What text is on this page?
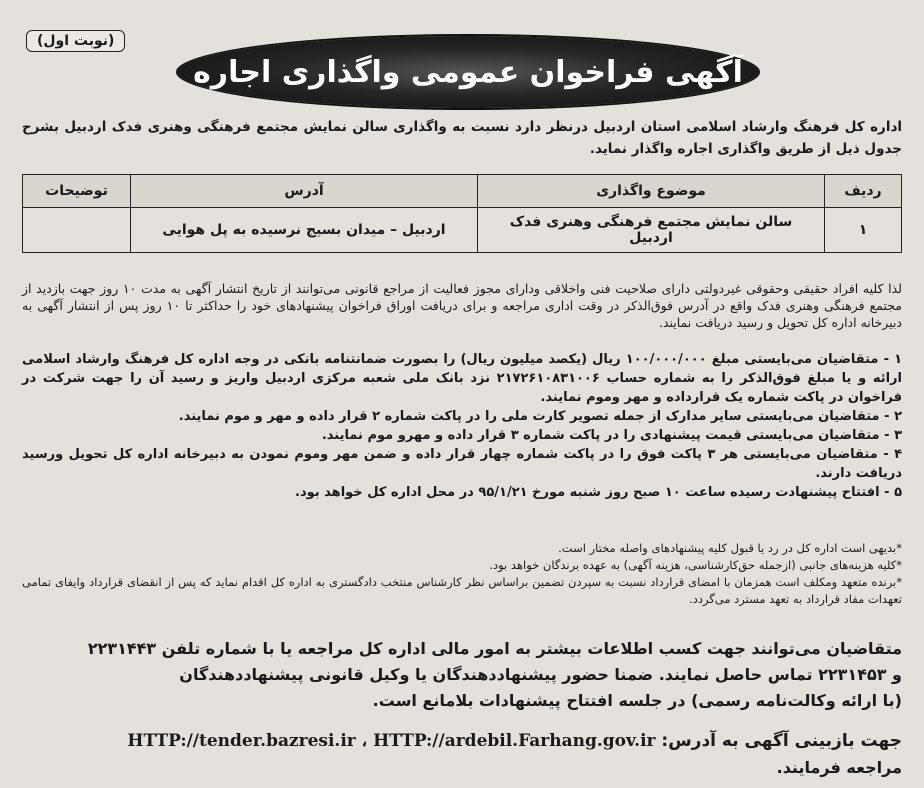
(نوبت اول)
آگهی فراخوان عمومی واگذاری اجاره
اداره کل فرهنگ وارشاد اسلامی استان اردبیل درنظر دارد نسبت به واگذاری سالن نمایش مجتمع فرهنگی وهنری فدک اردبیل بشرح جدول ذیل از طریق واگذاری اجاره واگذار نماید.
ردیف	موضوع واگذاری	آدرس	توضیحات
۱	سالن نمایش مجتمع فرهنگی وهنری فدک اردبیل	اردبیل – میدان بسیج نرسیده به پل هوایی	
لذا کلیه افراد حقیقی وحقوقی غیردولتی دارای صلاحیت فنی واخلاقی ودارای مجوز فعالیت از مراجع قانونی می‌توانند از تاریخ انتشار آگهی به مدت ۱۰ روز جهت بازدید از مجتمع فرهنگی وهنری فدک واقع در آدرس فوق‌الذکر در وقت اداری مراجعه و برای دریافت اوراق فراخوان پیشنهادهای خود را حداکثر تا ۱۰ روز پس از انتشار آگهی به دبیرخانه اداره کل تحویل و رسید دریافت نمایند.

۱ - متقاضیان می‌بایستی مبلغ ۱۰۰/۰۰۰/۰۰۰ ریال (یکصد میلیون ریال) را بصورت ضمانتنامه بانکی در وجه اداره کل فرهنگ وارشاد اسلامی ارائه و یا مبلغ فوق‌الذکر را به شماره حساب ۲۱۷۲۶۱۰۸۳۱۰۰۶ نزد بانک ملی شعبه مرکزی اردبیل واریز و رسید آن را جهت شرکت در فراخوان در پاکت شماره یک قرارداده و مهر وموم نمایند.

۲ - متقاضیان می‌بایستی سایر مدارک از جمله تصویر کارت ملی را در پاکت شماره ۲ قرار داده و مهر و موم نمایند.

۳ - متقاضیان می‌بایستی قیمت پیشنهادی را در پاکت شماره ۳ قرار داده و مهرو موم نمایند.

۴ - متقاضیان می‌بایستی هر ۳ پاکت فوق را در پاکت شماره چهار قرار داده و ضمن مهر وموم نمودن به دبیرخانه اداره کل تحویل ورسید دریافت دارند.

۵ - افتتاح پیشنهادت رسیده ساعت ۱۰ صبح روز شنبه مورخ ۹۵/۱/۲۱ در محل اداره کل خواهد بود.

*بدیهی است اداره کل در رد یا قبول کلیه پیشنهادهای واصله مختار است.

*کلیه هزینه‌های جانبی (ازجمله حق‌کارشناسی، هزینه آگهی) به عهده برندگان خواهد بود.

*برنده متعهد ومکلف است همزمان با امضای قرارداد نسبت به سپردن تضمین براساس نظر کارشناس منتخب دادگستری به اداره کل اقدام نماید که پس از انقضای قرارداد وایفای تمامی تعهدات مفاد قرارداد به تعهد مسترد می‌گردد.

متقاضیان می‌توانند جهت کسب اطلاعات بیشتر به امور مالی اداره کل مراجعه یا با شماره تلفن ۲۲۳۱۴۴۳

و ۲۲۳۱۴۵۳ تماس حاصل نمایند. ضمنا حضور پیشنهاددهندگان یا وکیل قانونی پیشنهاددهندگان

(با ارائه وکالت‌نامه رسمی) در جلسه افتتاح پیشنهادات بلامانع است.

جهت بازبینی آگهی به آدرس: HTTP://tender.bazresi.ir ، HTTP://ardebil.Farhang.gov.ir
مراجعه فرمایند.
